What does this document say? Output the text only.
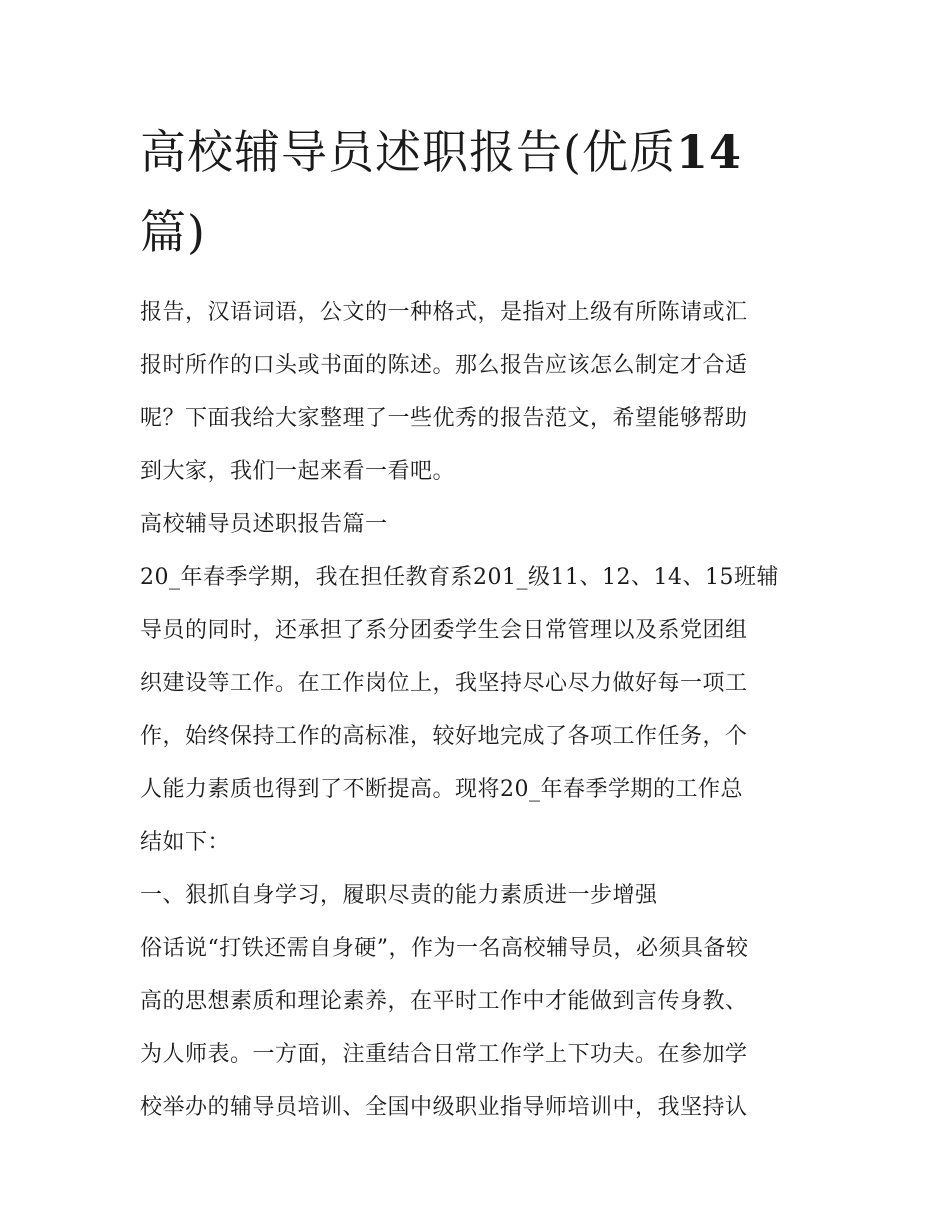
高校辅导员述职报告(优质14
篇)

报告，汉语词语，公文的一种格式，是指对上级有所陈请或汇
报时所作的口头或书面的陈述。那么报告应该怎么制定才合适
呢？下面我给大家整理了一些优秀的报告范文，希望能够帮助
到大家，我们一起来看一看吧。

高校辅导员述职报告篇一

20_年春季学期，我在担任教育系201_级11、12、14、15班辅
导员的同时，还承担了系分团委学生会日常管理以及系党团组
织建设等工作。在工作岗位上，我坚持尽心尽力做好每一项工
作，始终保持工作的高标准，较好地完成了各项工作任务，个
人能力素质也得到了不断提高。现将20_年春季学期的工作总
结如下：

一、狠抓自身学习，履职尽责的能力素质进一步增强

俗话说“打铁还需自身硬”，作为一名高校辅导员，必须具备较
高的思想素质和理论素养，在平时工作中才能做到言传身教、
为人师表。一方面，注重结合日常工作学上下功夫。在参加学
校举办的辅导员培训、全国中级职业指导师培训中，我坚持认
